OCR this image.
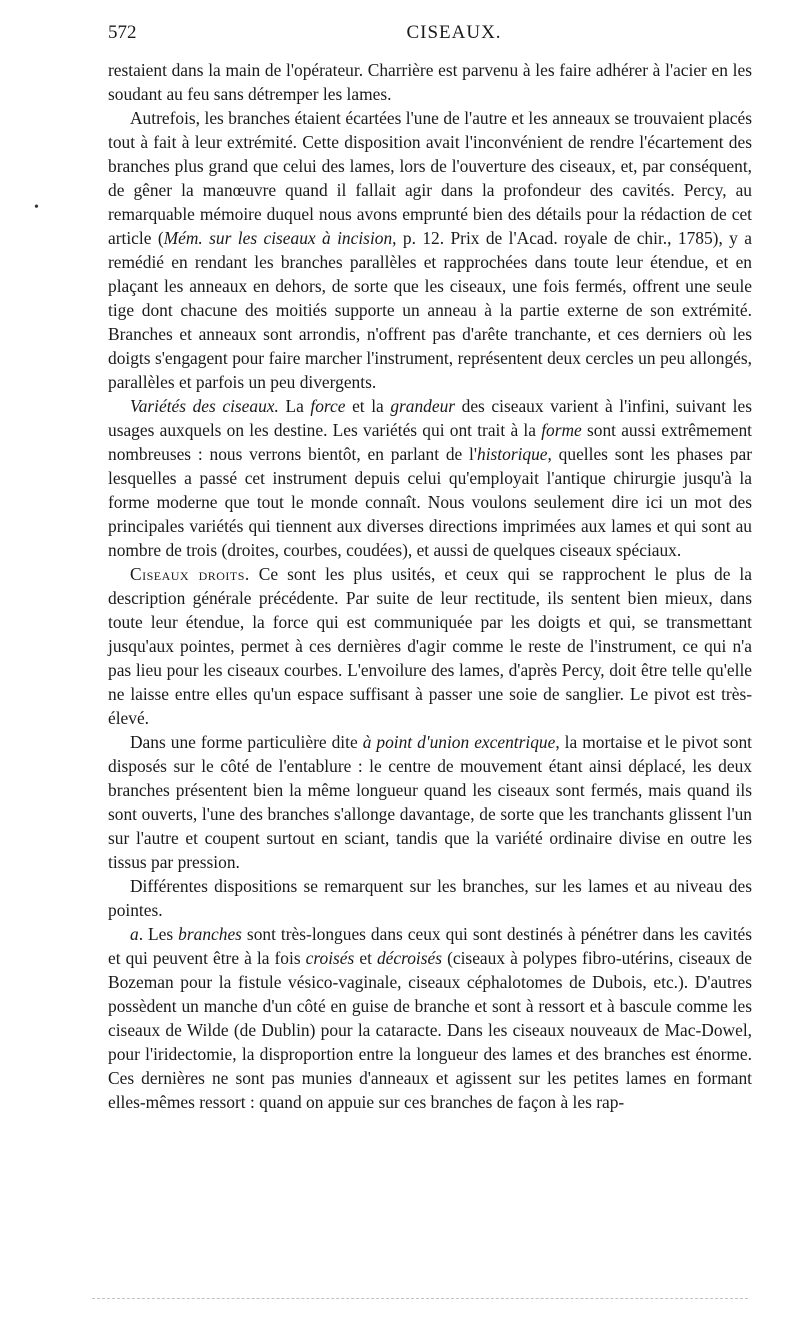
572	CISEAUX.
•

restaient dans la main de l'opérateur. Charrière est parvenu à les faire adhérer à l'acier en les soudant au feu sans détremper les lames.

Autrefois, les branches étaient écartées l'une de l'autre et les anneaux se trouvaient placés tout à fait à leur extrémité. Cette disposition avait l'inconvénient de rendre l'écartement des branches plus grand que celui des lames, lors de l'ouverture des ciseaux, et, par conséquent, de gêner la manœuvre quand il fallait agir dans la profondeur des cavités. Percy, au remarquable mémoire duquel nous avons emprunté bien des détails pour la rédaction de cet article (Mém. sur les ciseaux à incision, p. 12. Prix de l'Acad. royale de chir., 1785), y a remédié en rendant les branches parallèles et rapprochées dans toute leur étendue, et en plaçant les anneaux en dehors, de sorte que les ciseaux, une fois fermés, offrent une seule tige dont chacune des moitiés supporte un anneau à la partie externe de son extrémité. Branches et anneaux sont arrondis, n'offrent pas d'arête tranchante, et ces derniers où les doigts s'engagent pour faire marcher l'instrument, représentent deux cercles un peu allongés, parallèles et parfois un peu divergents.

Variétés des ciseaux. La force et la grandeur des ciseaux varient à l'infini, suivant les usages auxquels on les destine. Les variétés qui ont trait à la forme sont aussi extrêmement nombreuses : nous verrons bientôt, en parlant de l'historique, quelles sont les phases par lesquelles a passé cet instrument depuis celui qu'employait l'antique chirurgie jusqu'à la forme moderne que tout le monde connaît. Nous voulons seulement dire ici un mot des principales variétés qui tiennent aux diverses directions imprimées aux lames et qui sont au nombre de trois (droites, courbes, coudées), et aussi de quelques ciseaux spéciaux.

Ciseaux droits. Ce sont les plus usités, et ceux qui se rapprochent le plus de la description générale précédente. Par suite de leur rectitude, ils sentent bien mieux, dans toute leur étendue, la force qui est communiquée par les doigts et qui, se transmettant jusqu'aux pointes, permet à ces dernières d'agir comme le reste de l'instrument, ce qui n'a pas lieu pour les ciseaux courbes. L'envoilure des lames, d'après Percy, doit être telle qu'elle ne laisse entre elles qu'un espace suffisant à passer une soie de sanglier. Le pivot est très-élevé.

Dans une forme particulière dite à point d'union excentrique, la mortaise et le pivot sont disposés sur le côté de l'entablure : le centre de mouvement étant ainsi déplacé, les deux branches présentent bien la même longueur quand les ciseaux sont fermés, mais quand ils sont ouverts, l'une des branches s'allonge davantage, de sorte que les tranchants glissent l'un sur l'autre et coupent surtout en sciant, tandis que la variété ordinaire divise en outre les tissus par pression.

Différentes dispositions se remarquent sur les branches, sur les lames et au niveau des pointes.

a. Les branches sont très-longues dans ceux qui sont destinés à pénétrer dans les cavités et qui peuvent être à la fois croisés et décroisés (ciseaux à polypes fibro-utérins, ciseaux de Bozeman pour la fistule vésico-vaginale, ciseaux céphalotomes de Dubois, etc.). D'autres possèdent un manche d'un côté en guise de branche et sont à ressort et à bascule comme les ciseaux de Wilde (de Dublin) pour la cataracte. Dans les ciseaux nouveaux de Mac-Dowel, pour l'iridectomie, la disproportion entre la longueur des lames et des branches est énorme. Ces dernières ne sont pas munies d'anneaux et agissent sur les petites lames en formant elles-mêmes ressort : quand on appuie sur ces branches de façon à les rap-
